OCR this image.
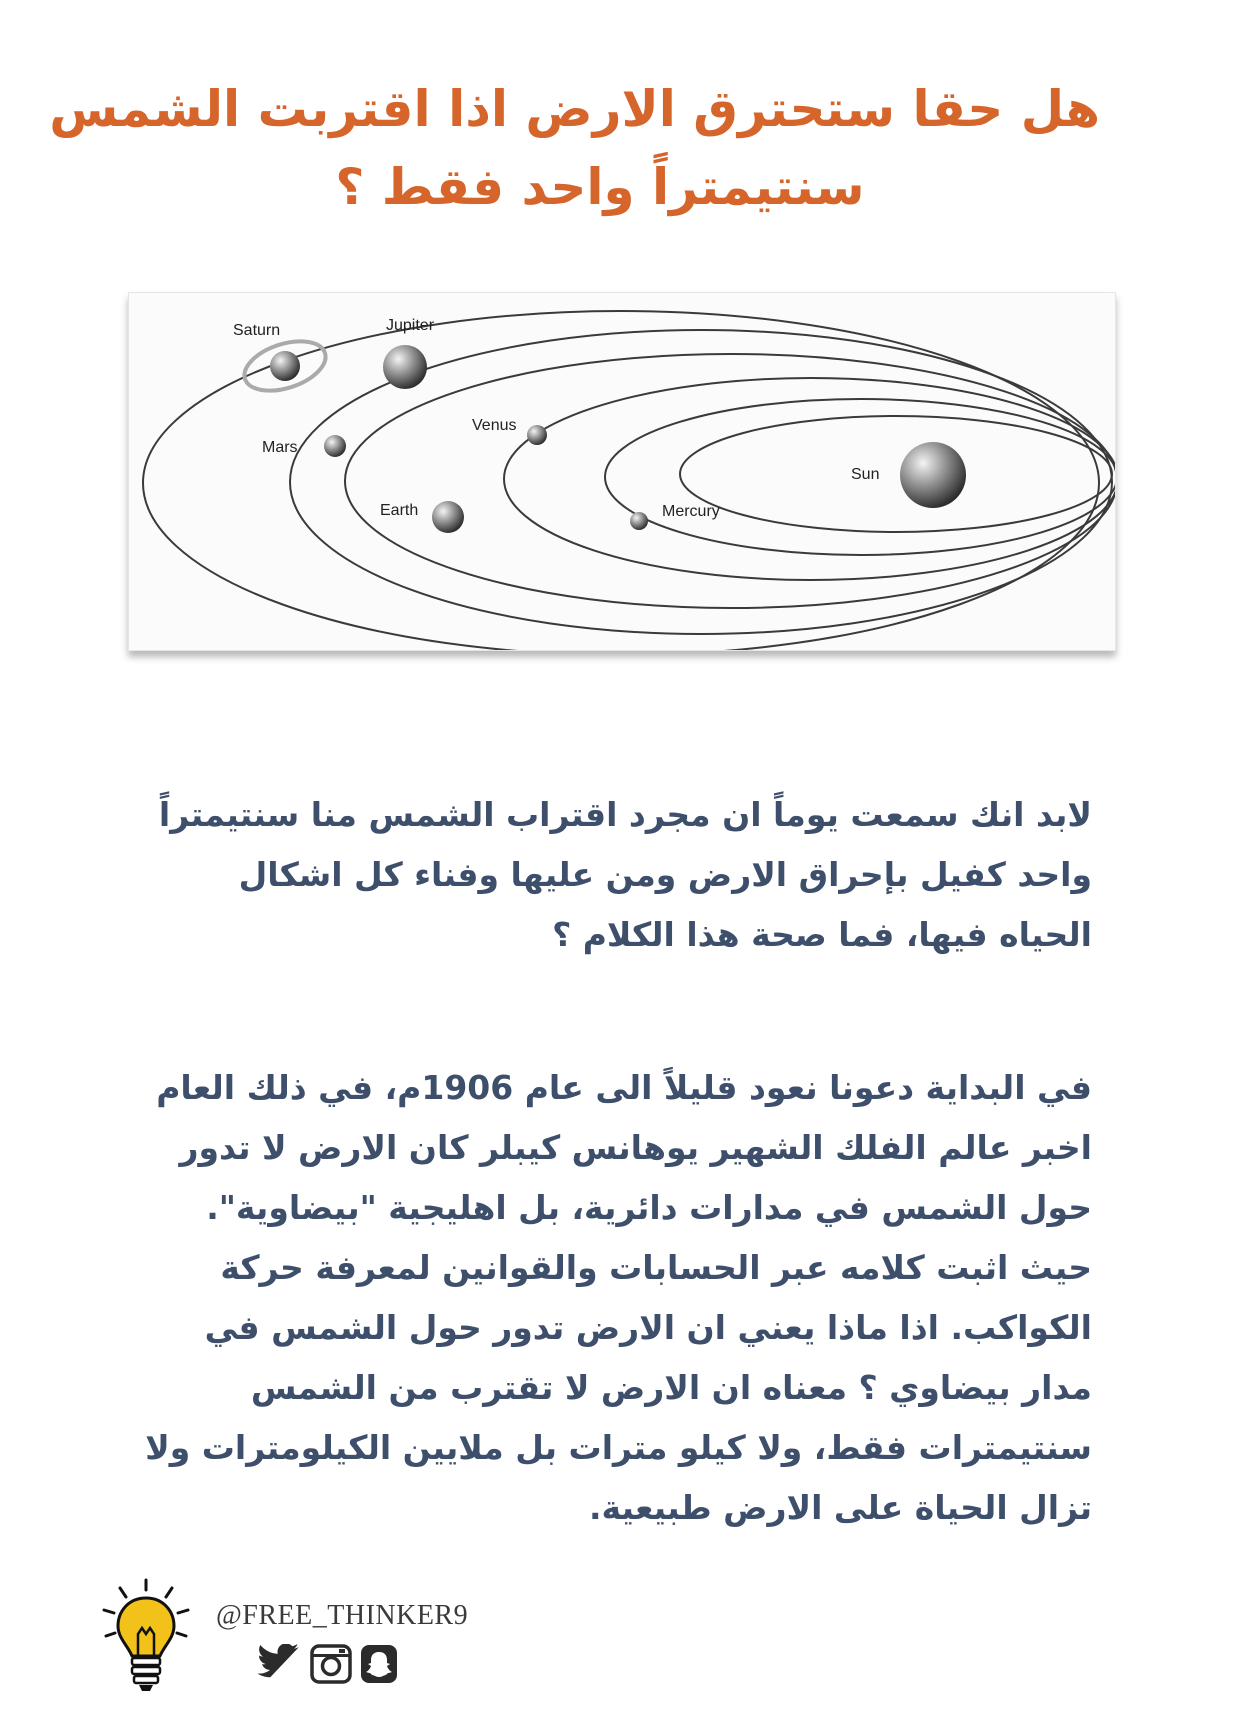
هل حقا ستحترق الارض اذا اقتربت الشمس
سنتيمتراً واحد فقط ؟
Saturn	Jupiter
Mars
Venus
Sun
Earth	Mercury
لابد انك سمعت يوماً ان مجرد اقتراب الشمس منا سنتيمتراً
واحد كفيل بإحراق الارض ومن عليها وفناء كل اشكال
الحياه فيها، فما صحة هذا الكلام ؟
في البداية دعونا نعود قليلاً الى عام 1906م، في ذلك العام
اخبر عالم الفلك الشهير يوهانس كيبلر كان الارض لا تدور
حول الشمس في مدارات دائرية، بل اهليجية "بيضاوية".
حيث اثبت كلامه عبر الحسابات والقوانين لمعرفة حركة
الكواكب. اذا ماذا يعني ان الارض تدور حول الشمس في
مدار بيضاوي ؟ معناه ان الارض لا تقترب من الشمس
سنتيمترات فقط، ولا كيلو مترات بل ملايين الكيلومترات ولا
تزال الحياة على الارض طبيعية.
@FREE_THINKER9
